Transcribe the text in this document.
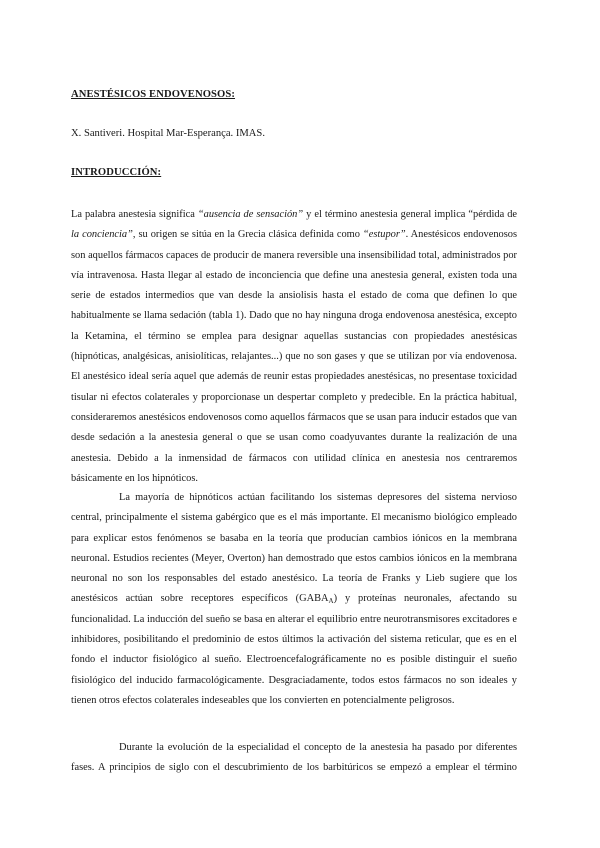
ANESTÉSICOS ENDOVENOSOS:
X. Santiveri. Hospital Mar-Esperança. IMAS.
INTRODUCCIÓN:

La palabra anestesia significa “ausencia de sensación” y el término anestesia general implica “pérdida de la conciencia”, su origen se sitúa en la Grecia clásica definida como “estupor”. Anestésicos endovenosos son aquellos fármacos capaces de producir de manera reversible una insensibilidad total, administrados por vía intravenosa. Hasta llegar al estado de inconciencia que define una anestesia general, existen toda una serie de estados intermedios que van desde la ansiolisis hasta el estado de coma que definen lo que habitualmente se llama sedación (tabla 1). Dado que no hay ninguna droga endovenosa anestésica, excepto la Ketamina, el término se emplea para designar aquellas sustancias con propiedades anestésicas (hipnóticas, analgésicas, anisiolíticas, relajantes...) que no son gases y que se utilizan por vía endovenosa. El anestésico ideal sería aquel que además de reunir estas propiedades anestésicas, no presentase toxicidad tisular ni efectos colaterales y proporcionase un despertar completo y predecible. En la práctica habitual, consideraremos anestésicos endovenosos como aquellos fármacos que se usan para inducir estados que van desde sedación a la anestesia general o que se usan como coadyuvantes durante la realización de una anestesia. Debido a la inmensidad de fármacos con utilidad clínica en anestesia nos centraremos básicamente en los hipnóticos.

La mayoría de hipnóticos actúan facilitando los sistemas depresores del sistema nervioso central, principalmente el sistema gabérgico que es el más importante. El mecanismo biológico empleado para explicar estos fenómenos se basaba en la teoría que producían cambios iónicos en la membrana neuronal. Estudios recientes (Meyer, Overton) han demostrado que estos cambios iónicos en la membrana neuronal no son los responsables del estado anestésico. La teoría de Franks y Lieb sugiere que los anestésicos actúan sobre receptores específicos $(GABA_A)$ y proteínas neuronales, afectando su funcionalidad. La inducción del sueño se basa en alterar el equilibrio entre neurotransmisores excitadores e inhibidores, posibilitando el predominio de estos últimos la activación del sistema reticular, que es en el fondo el inductor fisiológico al sueño. Electroencefalográficamente no es posible distinguir el sueño fisiológico del inducido farmacológicamente. Desgraciadamente, todos estos fármacos no son ideales y tienen otros efectos colaterales indeseables que los convierten en potencialmente peligrosos.

Durante la evolución de la especialidad el concepto de la anestesia ha pasado por diferentes fases. A principios de siglo con el descubrimiento de los barbitúricos se empezó a emplear el término
